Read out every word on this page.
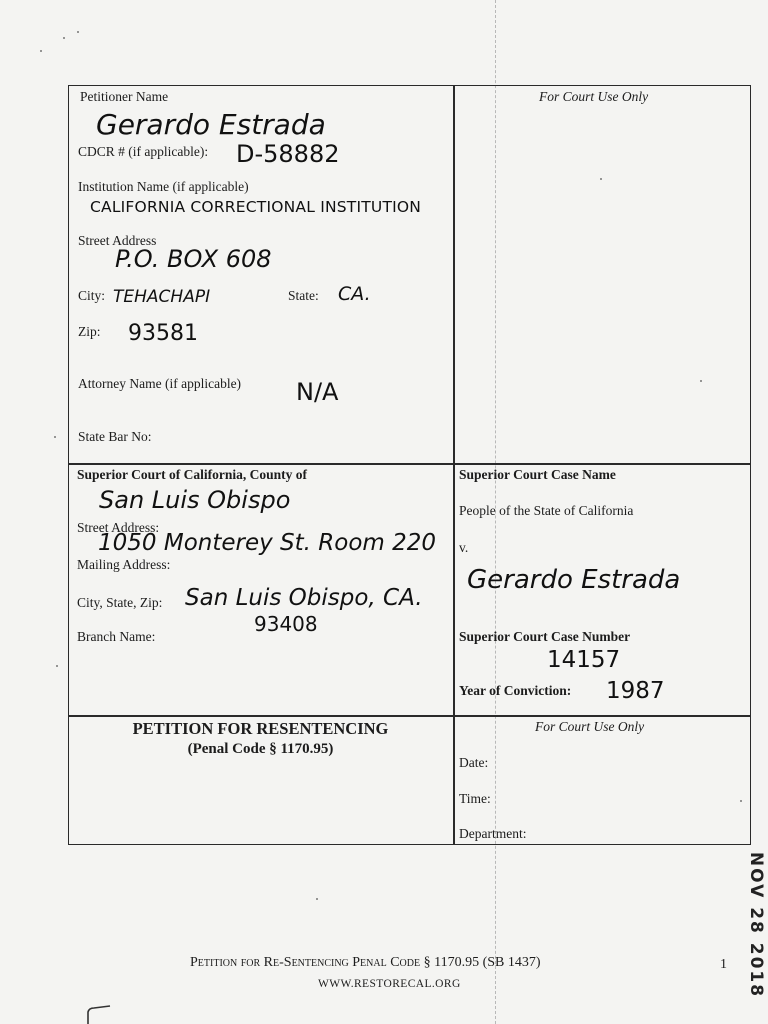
Petitioner Name
Gerardo Estrada
CDCR # (if applicable): D-58882
Institution Name (if applicable)
CALIFORNIA CORRECTIONAL INSTITUTION
Street Address
P.O. BOX 608
City: TEHACHAPI	State: CA.
Zip: 93581
Attorney Name (if applicable) N/A
State Bar No:
For Court Use Only
Superior Court of California, County of
San Luis Obispo
Street Address:
1050 Monterey St. Room 220
Mailing Address:
City, State, Zip: San Luis Obispo, CA.
93408
Branch Name:
Superior Court Case Name
People of the State of California
v.
Gerardo Estrada
Superior Court Case Number
14157
Year of Conviction: 1987
PETITION FOR RESENTENCING
(Penal Code § 1170.95)
For Court Use Only
Date:
Time:
Department:
Petition for Re-Sentencing Penal Code § 1170.95 (SB 1437)	1
WWW.RESTORECAL.ORG	NOV 28 2018
